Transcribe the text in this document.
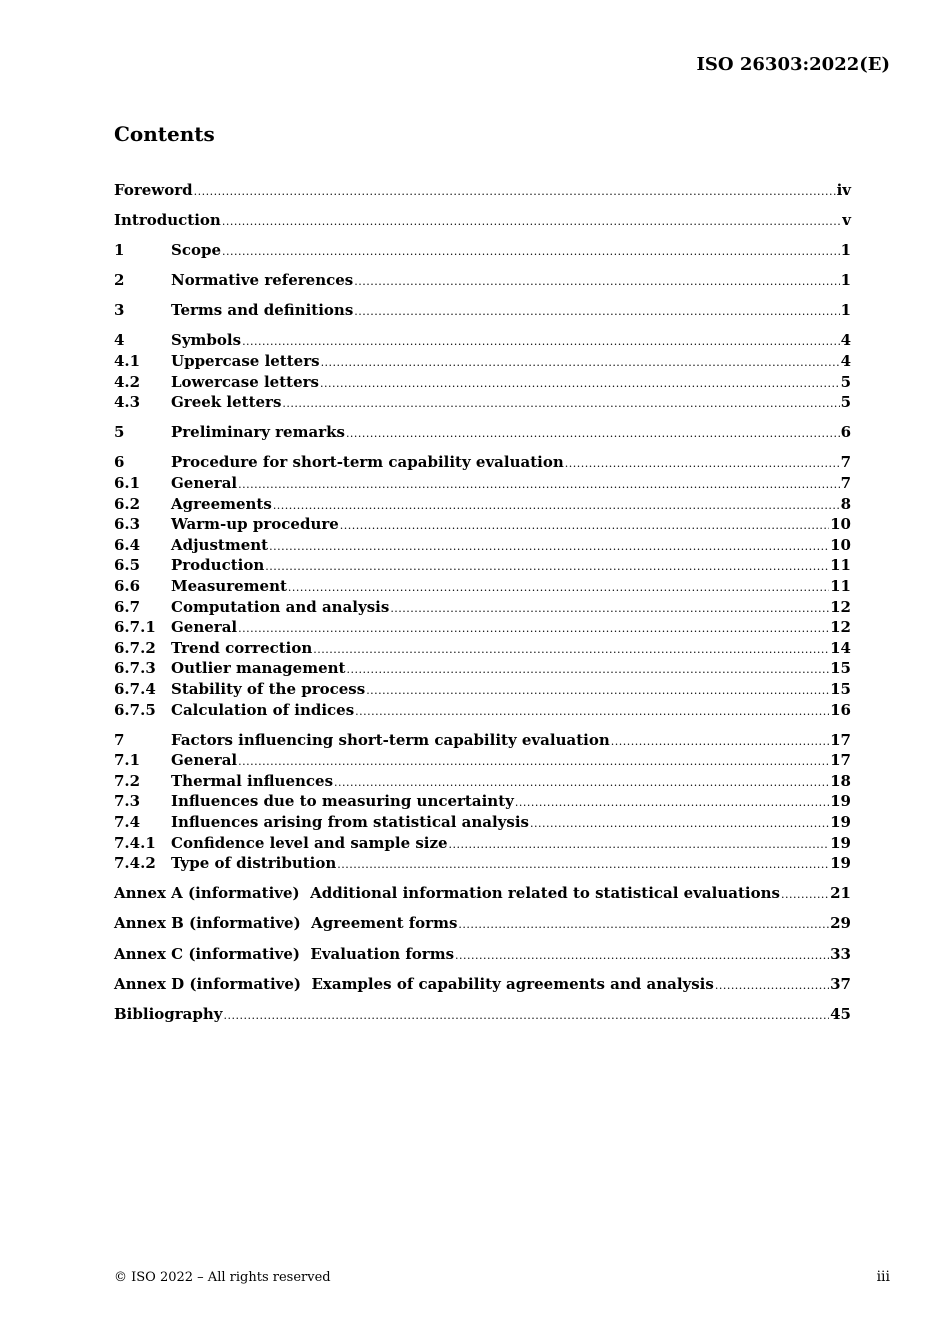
ISO 26303:2022(E)
Contents
Foreword .....	iv
Introduction .....	v
1	Scope .....	1
2	Normative references .....	1
3	Terms and definitions .....	1
4	Symbols .....	4
4.1	Uppercase letters .....	4
4.2	Lowercase letters .....	5
4.3	Greek letters .....	5
5	Preliminary remarks .....	6
6	Procedure for short-term capability evaluation .....	7
6.1	General .....	7
6.2	Agreements .....	8
6.3	Warm-up procedure .....	10
6.4	Adjustment .....	10
6.5	Production .....	11
6.6	Measurement .....	11
6.7	Computation and analysis .....	12
6.7.1	General .....	12
6.7.2	Trend correction .....	14
6.7.3	Outlier management .....	15
6.7.4	Stability of the process .....	15
6.7.5	Calculation of indices .....	16
7	Factors influencing short-term capability evaluation .....	17
7.1	General .....	17
7.2	Thermal influences .....	18
7.3	Influences due to measuring uncertainty .....	19
7.4	Influences arising from statistical analysis .....	19
7.4.1	Confidence level and sample size .....	19
7.4.2	Type of distribution .....	19
Annex A (informative)  Additional information related to statistical evaluations .....	21
Annex B (informative)  Agreement forms .....	29
Annex C (informative)  Evaluation forms .....	33
Annex D (informative)  Examples of capability agreements and analysis .....	37
Bibliography .....	45
© ISO 2022 – All rights reserved	iii
